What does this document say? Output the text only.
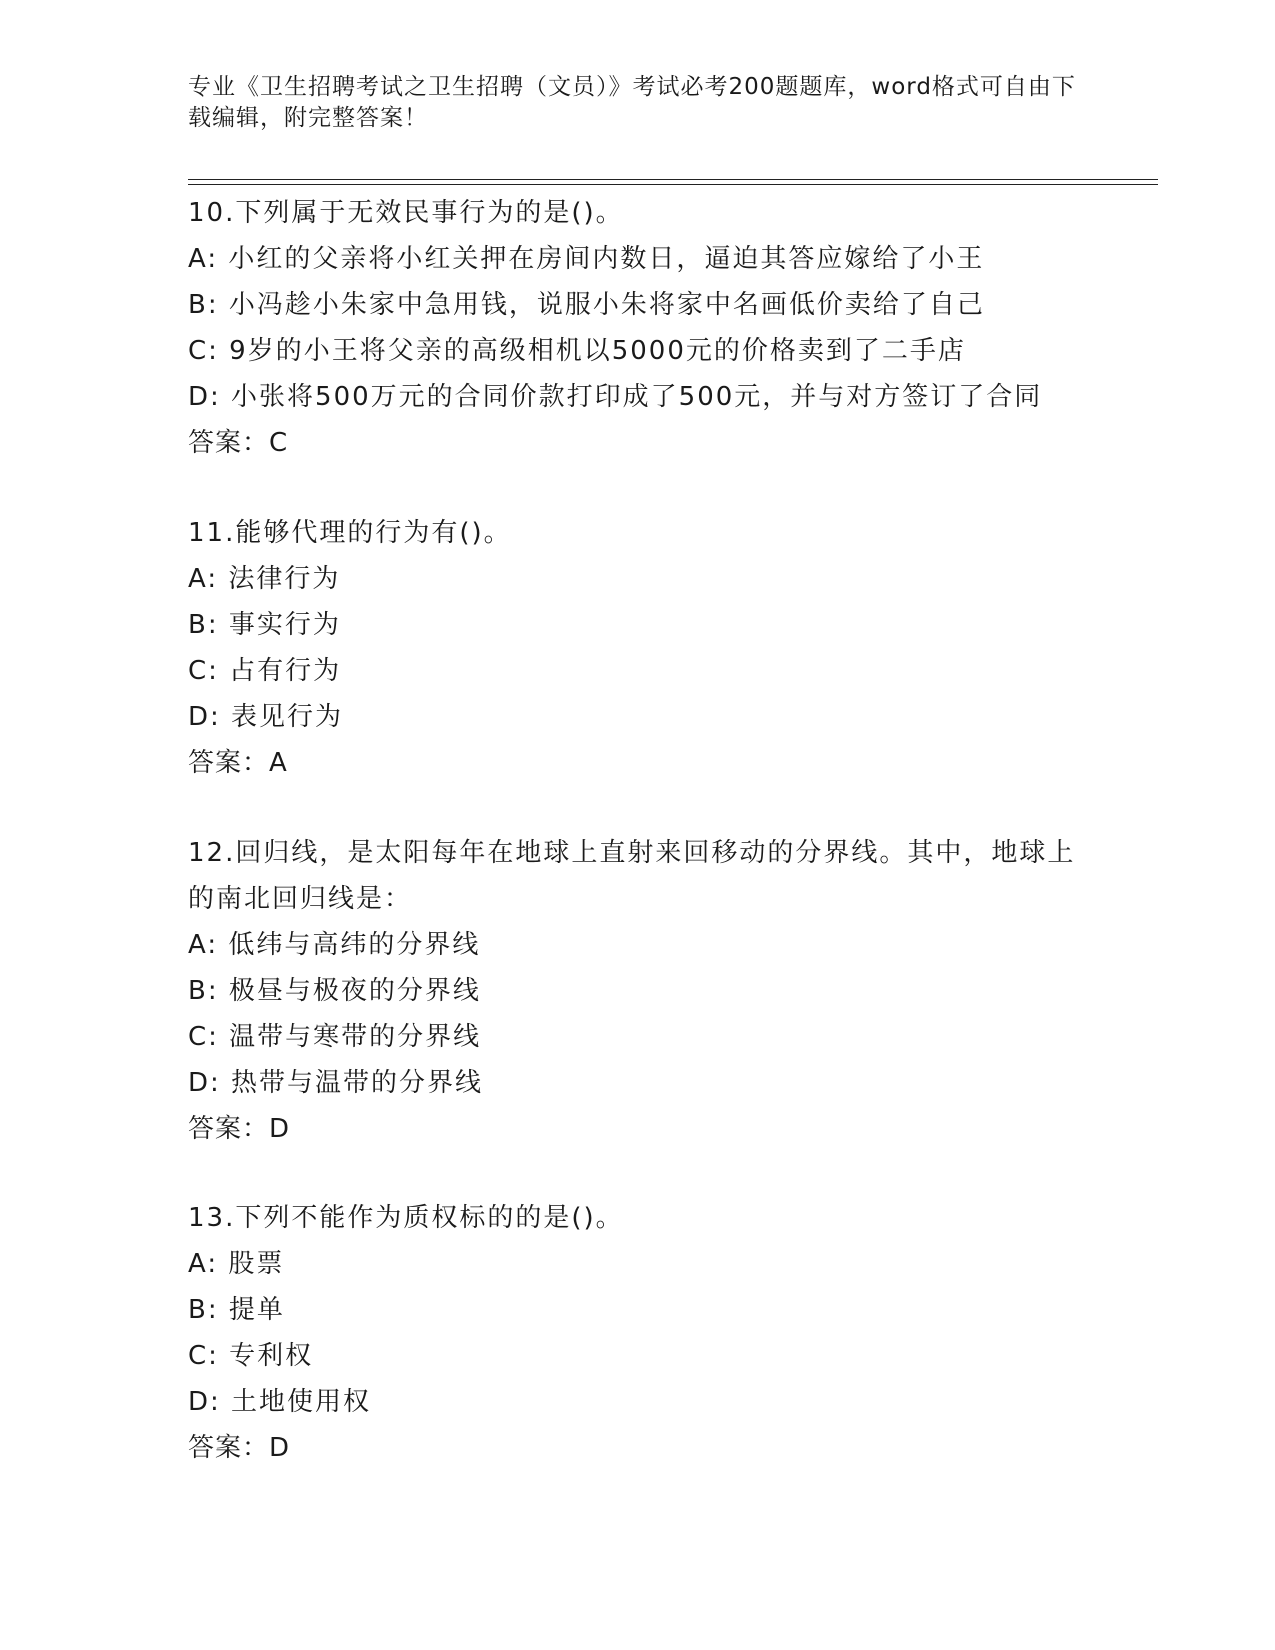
专业《卫生招聘考试之卫生招聘（文员）》考试必考200题题库，word格式可自由下载编辑，附完整答案！
10.下列属于无效民事行为的是()。
A: 小红的父亲将小红关押在房间内数日，逼迫其答应嫁给了小王
B: 小冯趁小朱家中急用钱，说服小朱将家中名画低价卖给了自己
C: 9岁的小王将父亲的高级相机以5000元的价格卖到了二手店
D: 小张将500万元的合同价款打印成了500元，并与对方签订了合同
答案：C
11.能够代理的行为有()。
A: 法律行为
B: 事实行为
C: 占有行为
D: 表见行为
答案：A
12.回归线，是太阳每年在地球上直射来回移动的分界线。其中，地球上的南北回归线是：
A: 低纬与高纬的分界线
B: 极昼与极夜的分界线
C: 温带与寒带的分界线
D: 热带与温带的分界线
答案：D
13.下列不能作为质权标的的是()。
A: 股票
B: 提单
C: 专利权
D: 土地使用权
答案：D
